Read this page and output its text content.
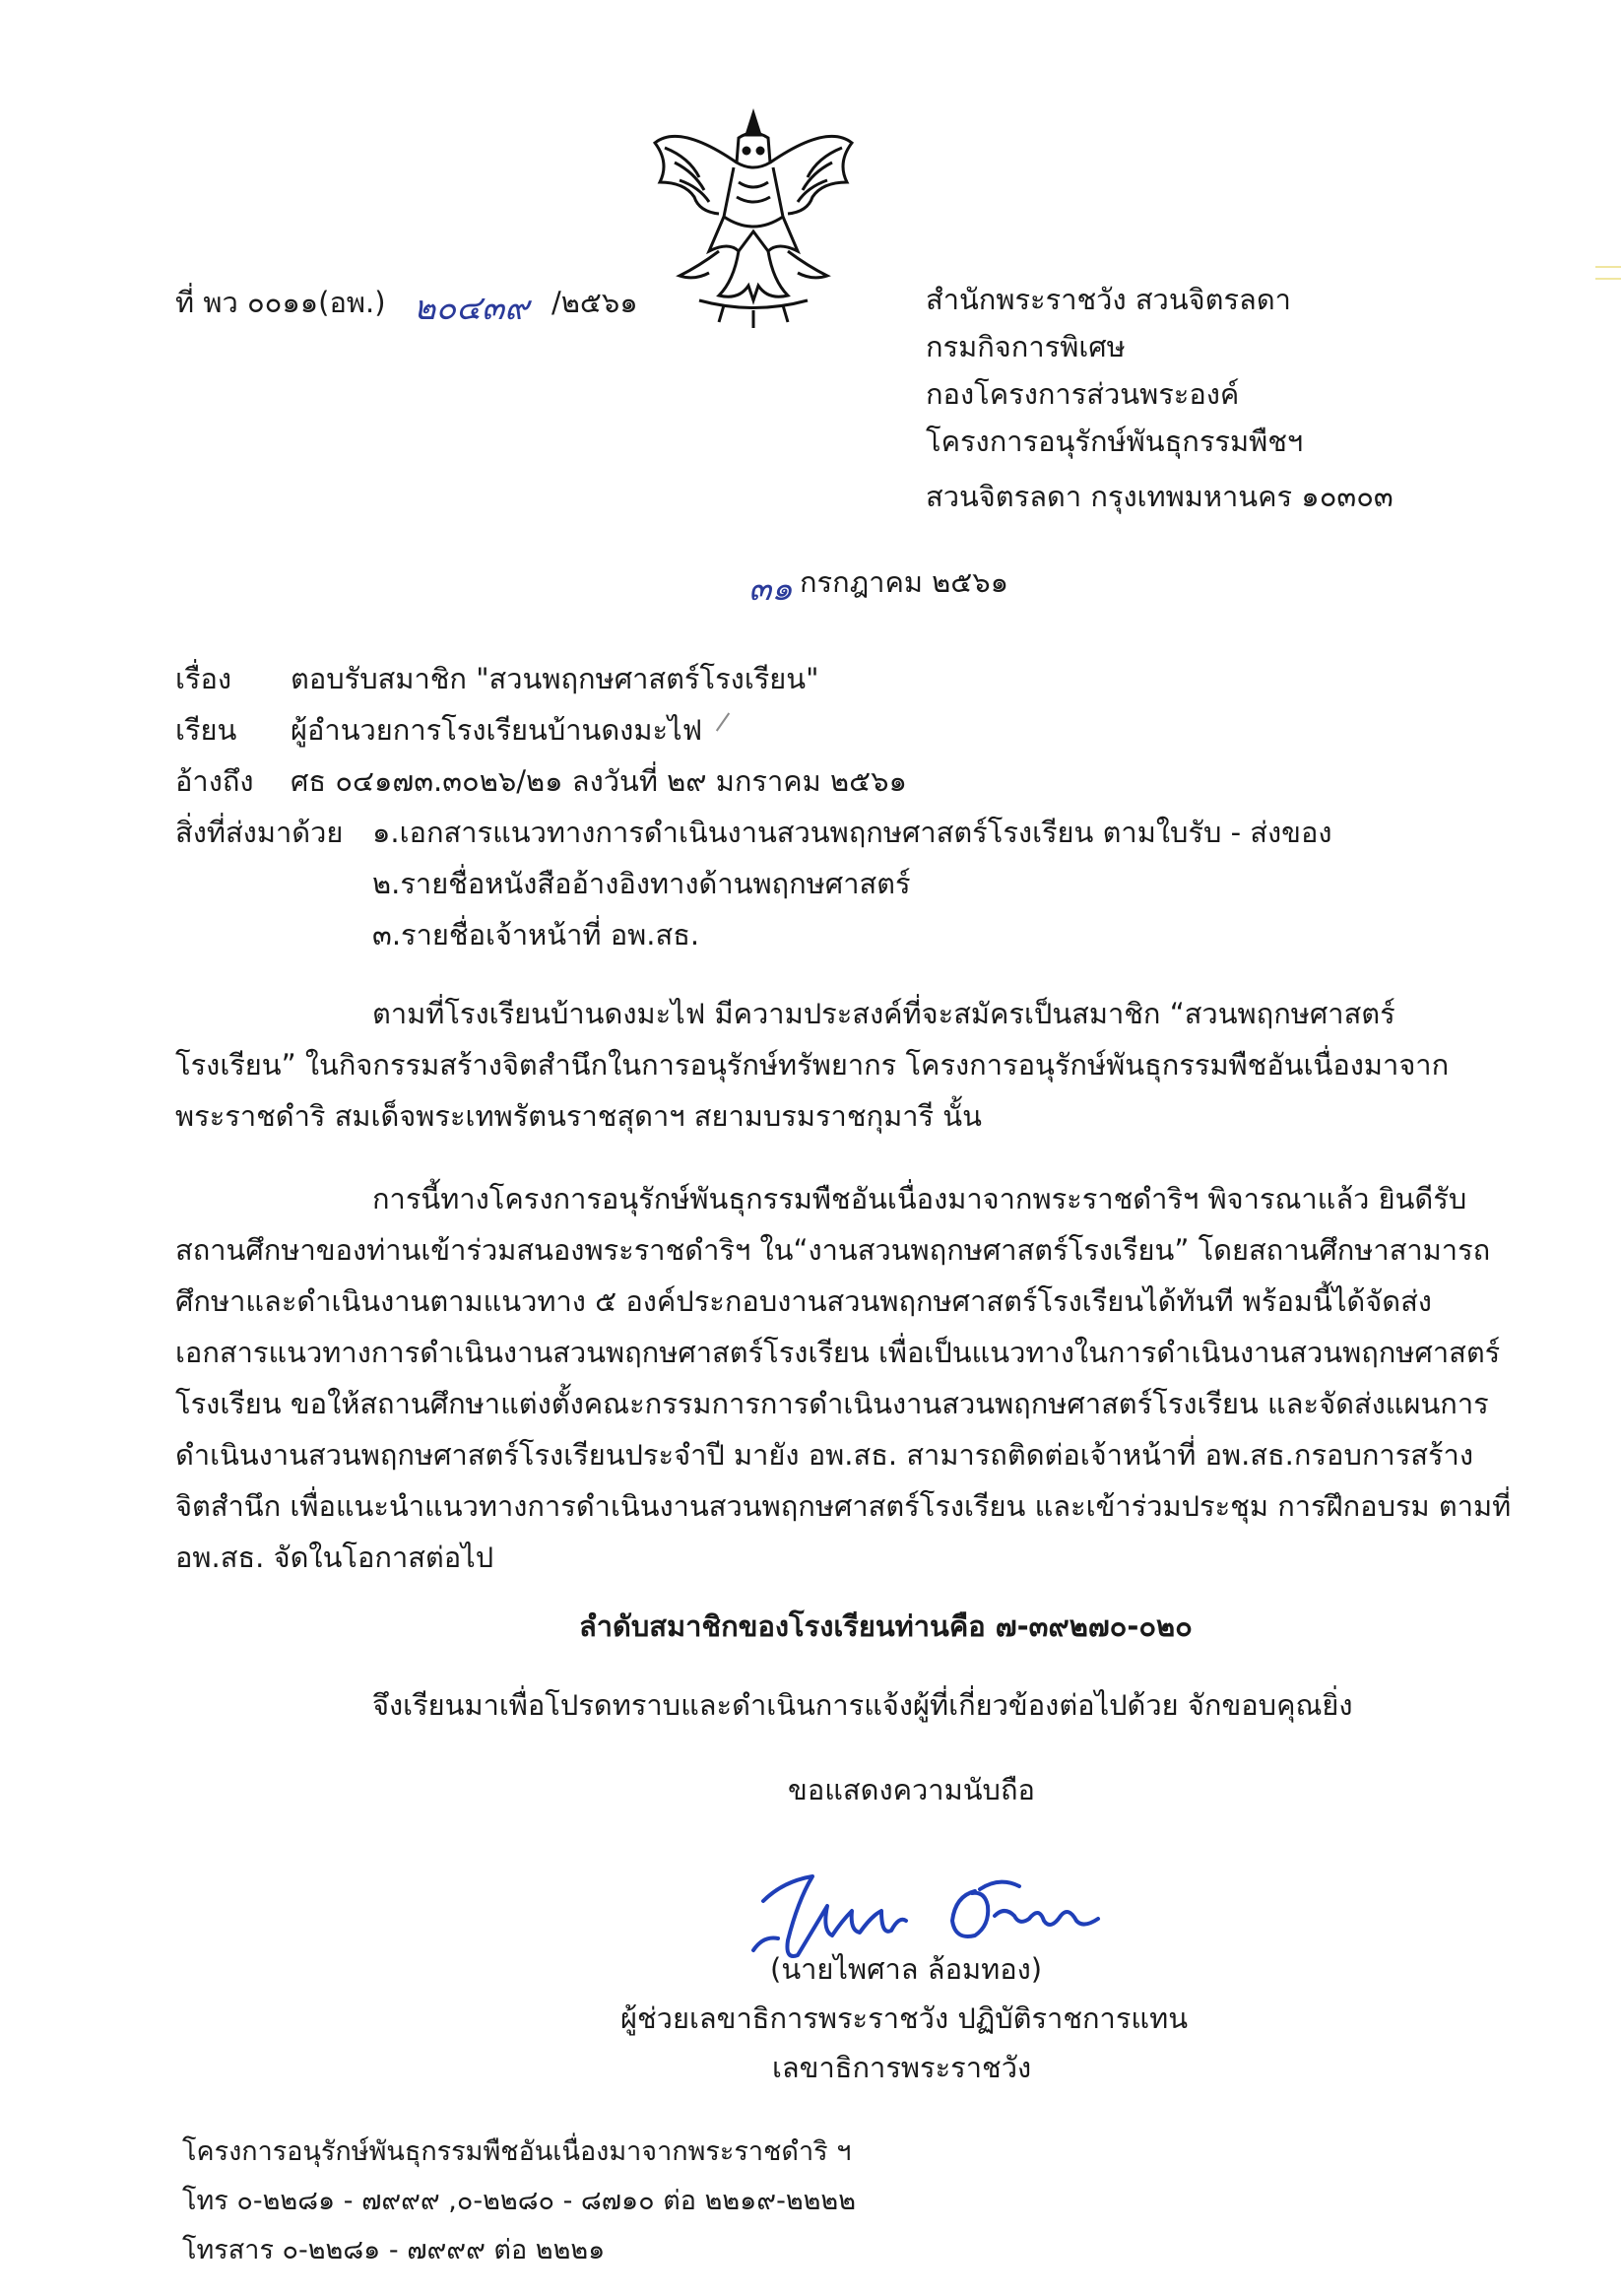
ที่ พว ๐๐๑๑(อพ.) ๒๐๔๓๙ /๒๕๖๑	สำนักพระราชวัง สวนจิตรลดา
กรมกิจการพิเศษ
กองโครงการส่วนพระองค์
โครงการอนุรักษ์พันธุกรรมพืชฯ
สวนจิตรลดา กรุงเทพมหานคร ๑๐๓๐๓
๓๑ กรกฎาคม ๒๕๖๑
เรื่อง ตอบรับสมาชิก "สวนพฤกษศาสตร์โรงเรียน"
เรียน ผู้อำนวยการโรงเรียนบ้านดงมะไฟ
อ้างถึง ศธ ๐๔๑๗๓.๓๐๒๖/๒๑ ลงวันที่ ๒๙ มกราคม ๒๕๖๑
สิ่งที่ส่งมาด้วย ๑.เอกสารแนวทางการดำเนินงานสวนพฤกษศาสตร์โรงเรียน ตามใบรับ - ส่งของ
๒.รายชื่อหนังสืออ้างอิงทางด้านพฤกษศาสตร์
๓.รายชื่อเจ้าหน้าที่ อพ.สธ.
ตามที่โรงเรียนบ้านดงมะไฟ มีความประสงค์ที่จะสมัครเป็นสมาชิก “สวนพฤกษศาสตร์
โรงเรียน” ในกิจกรรมสร้างจิตสำนึกในการอนุรักษ์ทรัพยากร โครงการอนุรักษ์พันธุกรรมพืชอันเนื่องมาจาก
พระราชดำริ สมเด็จพระเทพรัตนราชสุดาฯ สยามบรมราชกุมารี นั้น
การนี้ทางโครงการอนุรักษ์พันธุกรรมพืชอันเนื่องมาจากพระราชดำริฯ พิจารณาแล้ว ยินดีรับ
สถานศึกษาของท่านเข้าร่วมสนองพระราชดำริฯ ใน“งานสวนพฤกษศาสตร์โรงเรียน” โดยสถานศึกษาสามารถ
ศึกษาและดำเนินงานตามแนวทาง ๕ องค์ประกอบงานสวนพฤกษศาสตร์โรงเรียนได้ทันที พร้อมนี้ได้จัดส่ง
เอกสารแนวทางการดำเนินงานสวนพฤกษศาสตร์โรงเรียน เพื่อเป็นแนวทางในการดำเนินงานสวนพฤกษศาสตร์
โรงเรียน ขอให้สถานศึกษาแต่งตั้งคณะกรรมการการดำเนินงานสวนพฤกษศาสตร์โรงเรียน และจัดส่งแผนการ
ดำเนินงานสวนพฤกษศาสตร์โรงเรียนประจำปี มายัง อพ.สธ. สามารถติดต่อเจ้าหน้าที่ อพ.สธ.กรอบการสร้าง
จิตสำนึก เพื่อแนะนำแนวทางการดำเนินงานสวนพฤกษศาสตร์โรงเรียน และเข้าร่วมประชุม การฝึกอบรม ตามที่
อพ.สธ. จัดในโอกาสต่อไป
ลำดับสมาชิกของโรงเรียนท่านคือ ๗-๓๙๒๗๐-๐๒๐
จึงเรียนมาเพื่อโปรดทราบและดำเนินการแจ้งผู้ที่เกี่ยวข้องต่อไปด้วย จักขอบคุณยิ่ง
ขอแสดงความนับถือ
(นายไพศาล ล้อมทอง)
ผู้ช่วยเลขาธิการพระราชวัง ปฏิบัติราชการแทน
เลขาธิการพระราชวัง
โครงการอนุรักษ์พันธุกรรมพืชอันเนื่องมาจากพระราชดำริ ฯ
โทร ๐-๒๒๘๑ - ๗๙๙๙ ,๐-๒๒๘๐ - ๘๗๑๐ ต่อ ๒๒๑๙-๒๒๒๒
โทรสาร ๐-๒๒๘๑ - ๗๙๙๙ ต่อ ๒๒๒๑
